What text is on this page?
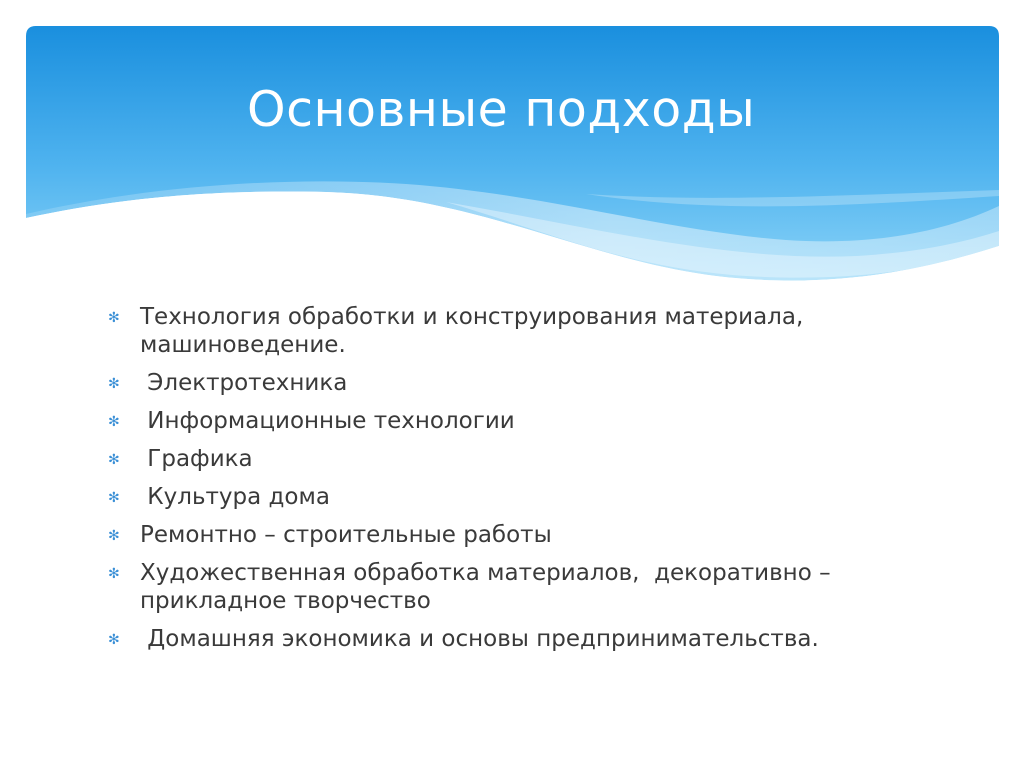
Основные подходы
✻ Технология обработки и конструирования материала, машиноведение.
✻ Электротехника
✻ Информационные технологии
✻ Графика
✻ Культура дома
✻ Ремонтно – строительные работы
✻ Художественная обработка материалов,  декоративно – прикладное творчество
✻ Домашняя экономика и основы предпринимательства.
